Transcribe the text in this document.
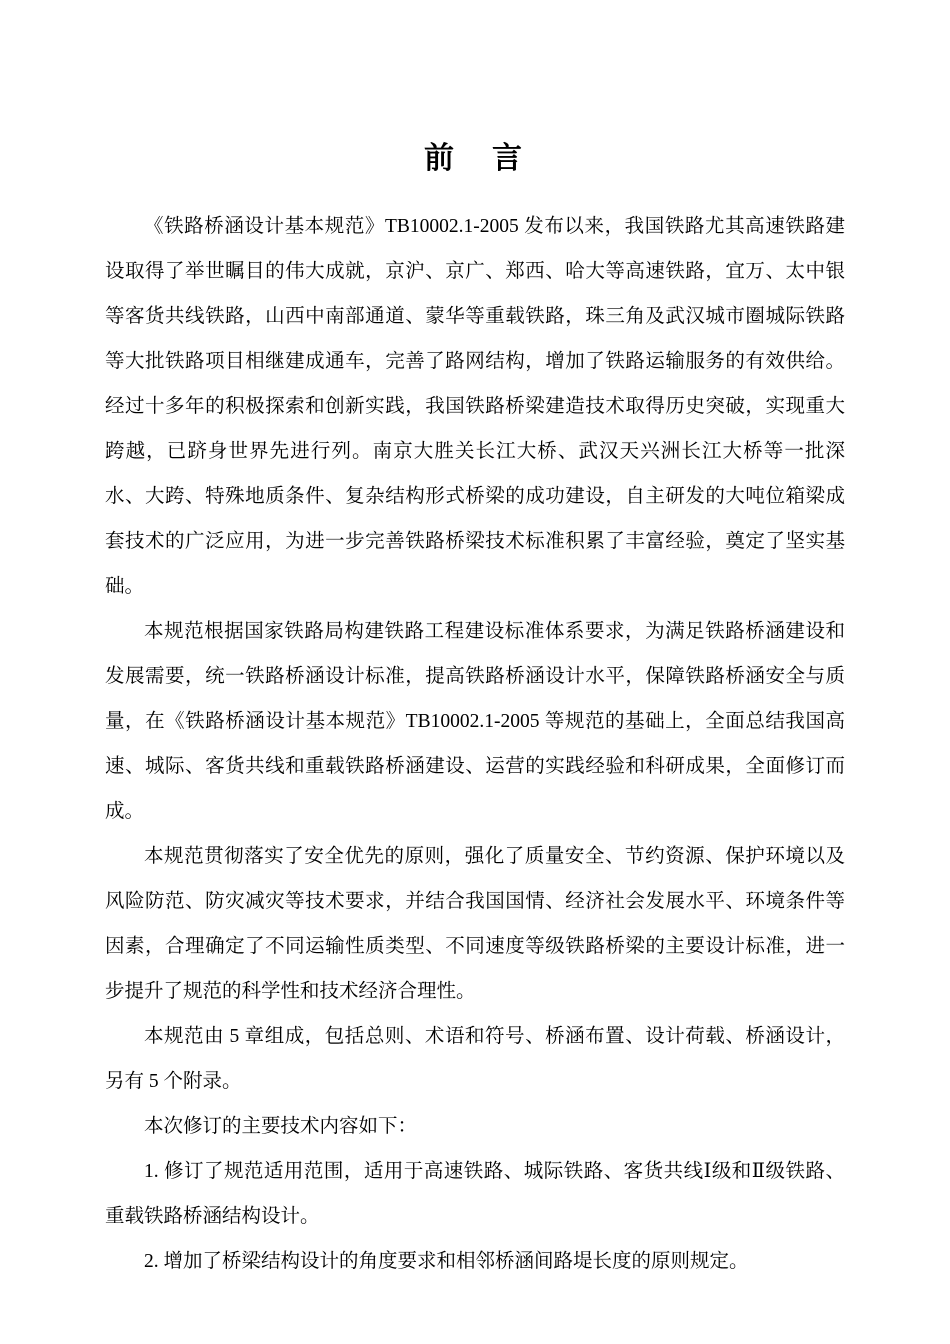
前　言

《铁路桥涵设计基本规范》TB10002.1-2005 发布以来，我国铁路尤其高速铁路建设取得了举世瞩目的伟大成就，京沪、京广、郑西、哈大等高速铁路，宜万、太中银等客货共线铁路，山西中南部通道、蒙华等重载铁路，珠三角及武汉城市圈城际铁路等大批铁路项目相继建成通车，完善了路网结构，增加了铁路运输服务的有效供给。经过十多年的积极探索和创新实践，我国铁路桥梁建造技术取得历史突破，实现重大跨越，已跻身世界先进行列。南京大胜关长江大桥、武汉天兴洲长江大桥等一批深水、大跨、特殊地质条件、复杂结构形式桥梁的成功建设，自主研发的大吨位箱梁成套技术的广泛应用，为进一步完善铁路桥梁技术标准积累了丰富经验，奠定了坚实基础。

本规范根据国家铁路局构建铁路工程建设标准体系要求，为满足铁路桥涵建设和发展需要，统一铁路桥涵设计标准，提高铁路桥涵设计水平，保障铁路桥涵安全与质量，在《铁路桥涵设计基本规范》TB10002.1-2005 等规范的基础上，全面总结我国高速、城际、客货共线和重载铁路桥涵建设、运营的实践经验和科研成果，全面修订而成。

本规范贯彻落实了安全优先的原则，强化了质量安全、节约资源、保护环境以及风险防范、防灾减灾等技术要求，并结合我国国情、经济社会发展水平、环境条件等因素，合理确定了不同运输性质类型、不同速度等级铁路桥梁的主要设计标准，进一步提升了规范的科学性和技术经济合理性。

本规范由 5 章组成，包括总则、术语和符号、桥涵布置、设计荷载、桥涵设计，另有 5 个附录。

本次修订的主要技术内容如下：

1. 修订了规范适用范围，适用于高速铁路、城际铁路、客货共线Ⅰ级和Ⅱ级铁路、重载铁路桥涵结构设计。

2. 增加了桥梁结构设计的角度要求和相邻桥涵间路堤长度的原则规定。
